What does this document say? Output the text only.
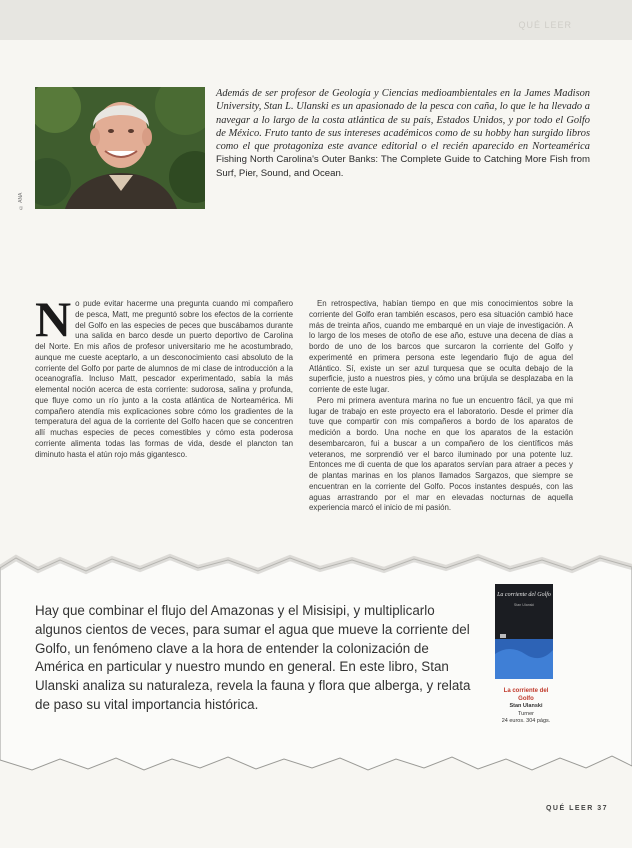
QUÉ LEER
© ANA
Además de ser profesor de Geología y Ciencias medioambientales en la James Madison University, Stan L. Ulanski es un apasionado de la pesca con caña, lo que le ha llevado a navegar a lo largo de la costa atlántica de su país, Estados Unidos, y por todo el Golfo de México. Fruto tanto de sus intereses académicos como de su hobby han surgido libros como el que protagoniza este avance editorial o el recién aparecido en Norteamérica Fishing North Carolina's Outer Banks: The Complete Guide to Catching More Fish from Surf, Pier, Sound, and Ocean.
No pude evitar hacerme una pregunta cuando mi compañero de pesca, Matt, me preguntó sobre los efectos de la corriente del Golfo en las especies de peces que buscábamos durante una salida en barco desde un puerto deportivo de Carolina del Norte. En mis años de profesor universitario me he acostumbrado, aunque me cueste aceptarlo, a un desconocimiento casi absoluto de la corriente del Golfo por parte de alumnos de mi clase de introducción a la oceanografía. Incluso Matt, pescador experimentado, sabía la más elemental noción acerca de esta corriente: sudorosa, salina y profunda, que fluye como un río junto a la costa atlántica de Norteamérica. Mi compañero atendía mis explicaciones sobre cómo los gradientes de la temperatura del agua de la corriente del Golfo hacen que se concentren allí muchas especies de peces comestibles y cómo esta poderosa corriente alimenta todas las formas de vida, desde el plancton tan diminuto hasta el atún rojo más gigantesco.
En retrospectiva, habían tiempo en que mis conocimientos sobre la corriente del Golfo eran también escasos, pero esa situación cambió hace más de treinta años, cuando me embarqué en un viaje de investigación. A lo largo de los meses de otoño de ese año, estuve una decena de días a bordo de uno de los barcos que surcaron la corriente del Golfo y experimenté en primera persona este legendario flujo de agua del Atlántico. Sí, existe un ser azul turquesa que se oculta debajo de la superficie, justo a nuestros pies, y cómo una brújula se desplazaba en la corriente de este lugar.
Pero mi primera aventura marina no fue un encuentro fácil, ya que mi lugar de trabajo en este proyecto era el laboratorio. Desde el primer día tuve que compartir con mis compañeros a bordo de los aparatos de medición a bordo. Una noche en que los aparatos de la estación desembarcaron, fui a buscar a un compañero de los científicos más veteranos, me sorprendió ver el barco iluminado por una potente luz. Entonces me di cuenta de que los aparatos servían para atraer a peces y de plantas marinas en los planos llamados Sargazos, que siempre se encuentran en la corriente del Golfo. Pocos instantes después, con las aguas arrastrando por el mar en elevadas nocturnas de aquella experiencia marcó el inicio de mi pasión.
Hay que combinar el flujo del Amazonas y el Misisipi, y multiplicarlo algunos cientos de veces, para sumar el agua que mueve la corriente del Golfo, un fenómeno clave a la hora de entender la colonización de América en particular y nuestro mundo en general. En este libro, Stan Ulanski analiza su naturaleza, revela la fauna y flora que alberga, y relata de paso su vital importancia histórica.
La corriente del Golfo
Stan Ulanski
La corriente del Golfo
Stan Ulanski
Turner
24 euros. 304 págs.
QUÉ LEER 37
